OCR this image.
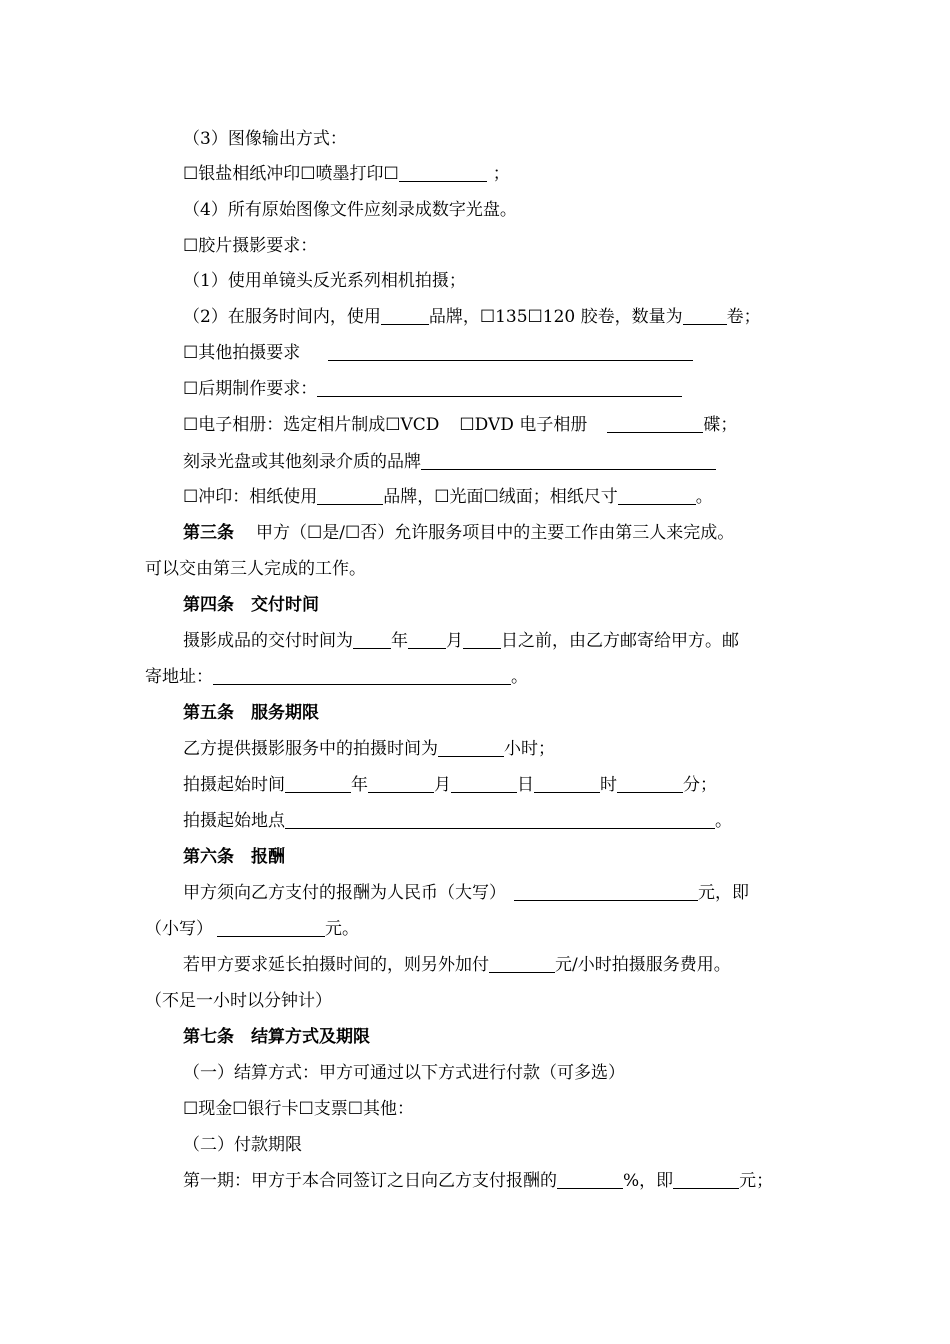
（3）图像输出方式：
☐银盐相纸冲印☐喷墨打印☐	；
（4）所有原始图像文件应刻录成数字光盘。
☐胶片摄影要求：
（1）使用单镜头反光系列相机拍摄；
（2）在服务时间内，使用	品牌，☐135☐120 胶卷，数量为	卷；
☐其他拍摄要求
☐后期制作要求：
☐电子相册：选定相片制成☐VCD ☐DVD 电子相册	碟；
刻录光盘或其他刻录介质的品牌
☐冲印：相纸使用	品牌，☐光面☐绒面；相纸尺寸	。
第三条 甲方（☐是/☐否）允许服务项目中的主要工作由第三人来完成。
可以交由第三人完成的工作。
第四条　交付时间
摄影成品的交付时间为 年 月 日之前，由乙方邮寄给甲方。邮
寄地址：	。
第五条　服务期限
乙方提供摄影服务中的拍摄时间为	小时；
拍摄起始时间	年	月	日	时	分；
拍摄起始地点	。
第六条　报酬
甲方须向乙方支付的报酬为人民币（大写）	元，即
（小写）	元。
若甲方要求延长拍摄时间的，则另外加付	元/小时拍摄服务费用。
（不足一小时以分钟计）
第七条　结算方式及期限
（一）结算方式：甲方可通过以下方式进行付款（可多选）
☐现金☐银行卡☐支票☐其他：
（二）付款期限
第一期：甲方于本合同签订之日向乙方支付报酬的	%，即	元；
